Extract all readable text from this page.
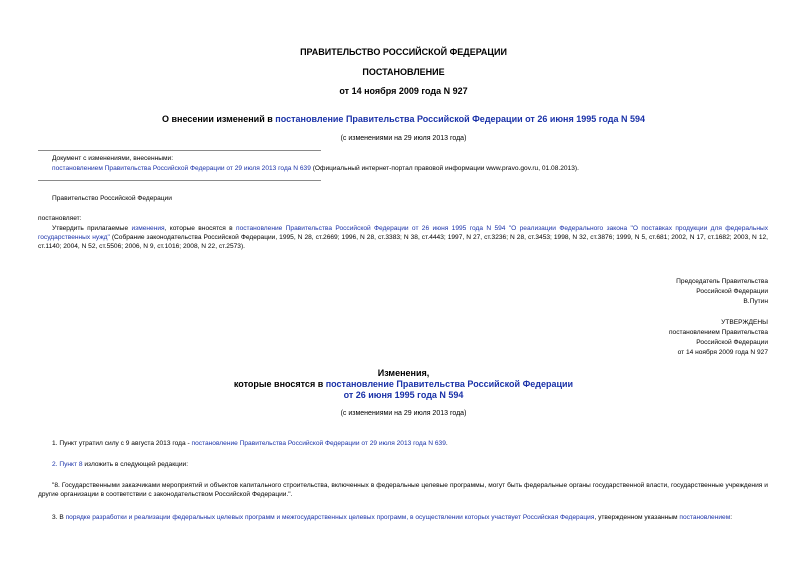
ПРАВИТЕЛЬСТВО РОССИЙСКОЙ ФЕДЕРАЦИИ
ПОСТАНОВЛЕНИЕ
от 14 ноября 2009 года N 927
О внесении изменений в постановление Правительства Российской Федерации от 26 июня 1995 года N 594
(с изменениями на 29 июля 2013 года)
Документ с изменениями, внесенными:
постановлением Правительства Российской Федерации от 29 июля 2013 года N 639 (Официальный интернет-портал правовой информации www.pravo.gov.ru, 01.08.2013).
Правительство Российской Федерации
постановляет:
Утвердить прилагаемые изменения, которые вносятся в постановление Правительства Российской Федерации от 26 июня 1995 года N 594 "О реализации Федерального закона "О поставках продукции для федеральных государственных нужд" (Собрание законодательства Российской Федерации, 1995, N 28, ст.2669; 1996, N 28, ст.3383; N 38, ст.4443; 1997, N 27, ст.3236; N 28, ст.3453; 1998, N 32, ст.3876; 1999, N 5, ст.681; 2002, N 17, ст.1682; 2003, N 12, ст.1140; 2004, N 52, ст.5506; 2006, N 9, ст.1016; 2008, N 22, ст.2573).
Председатель Правительства
Российской Федерации
В.Путин
УТВЕРЖДЕНЫ
постановлением Правительства
Российской Федерации
от 14 ноября 2009 года N 927
Изменения,
которые вносятся в постановление Правительства Российской Федерации
от 26 июня 1995 года N 594
(с изменениями на 29 июля 2013 года)
1. Пункт утратил силу с 9 августа 2013 года - постановление Правительства Российской Федерации от 29 июля 2013 года N 639.
2. Пункт 8 изложить в следующей редакции:
"8. Государственными заказчиками мероприятий и объектов капитального строительства, включенных в федеральные целевые программы, могут быть федеральные органы государственной власти, государственные учреждения и другие организации в соответствии с законодательством Российской Федерации.".
3. В порядке разработки и реализации федеральных целевых программ и межгосударственных целевых программ, в осуществлении которых участвует Российская Федерация, утвержденном указанным постановлением:
